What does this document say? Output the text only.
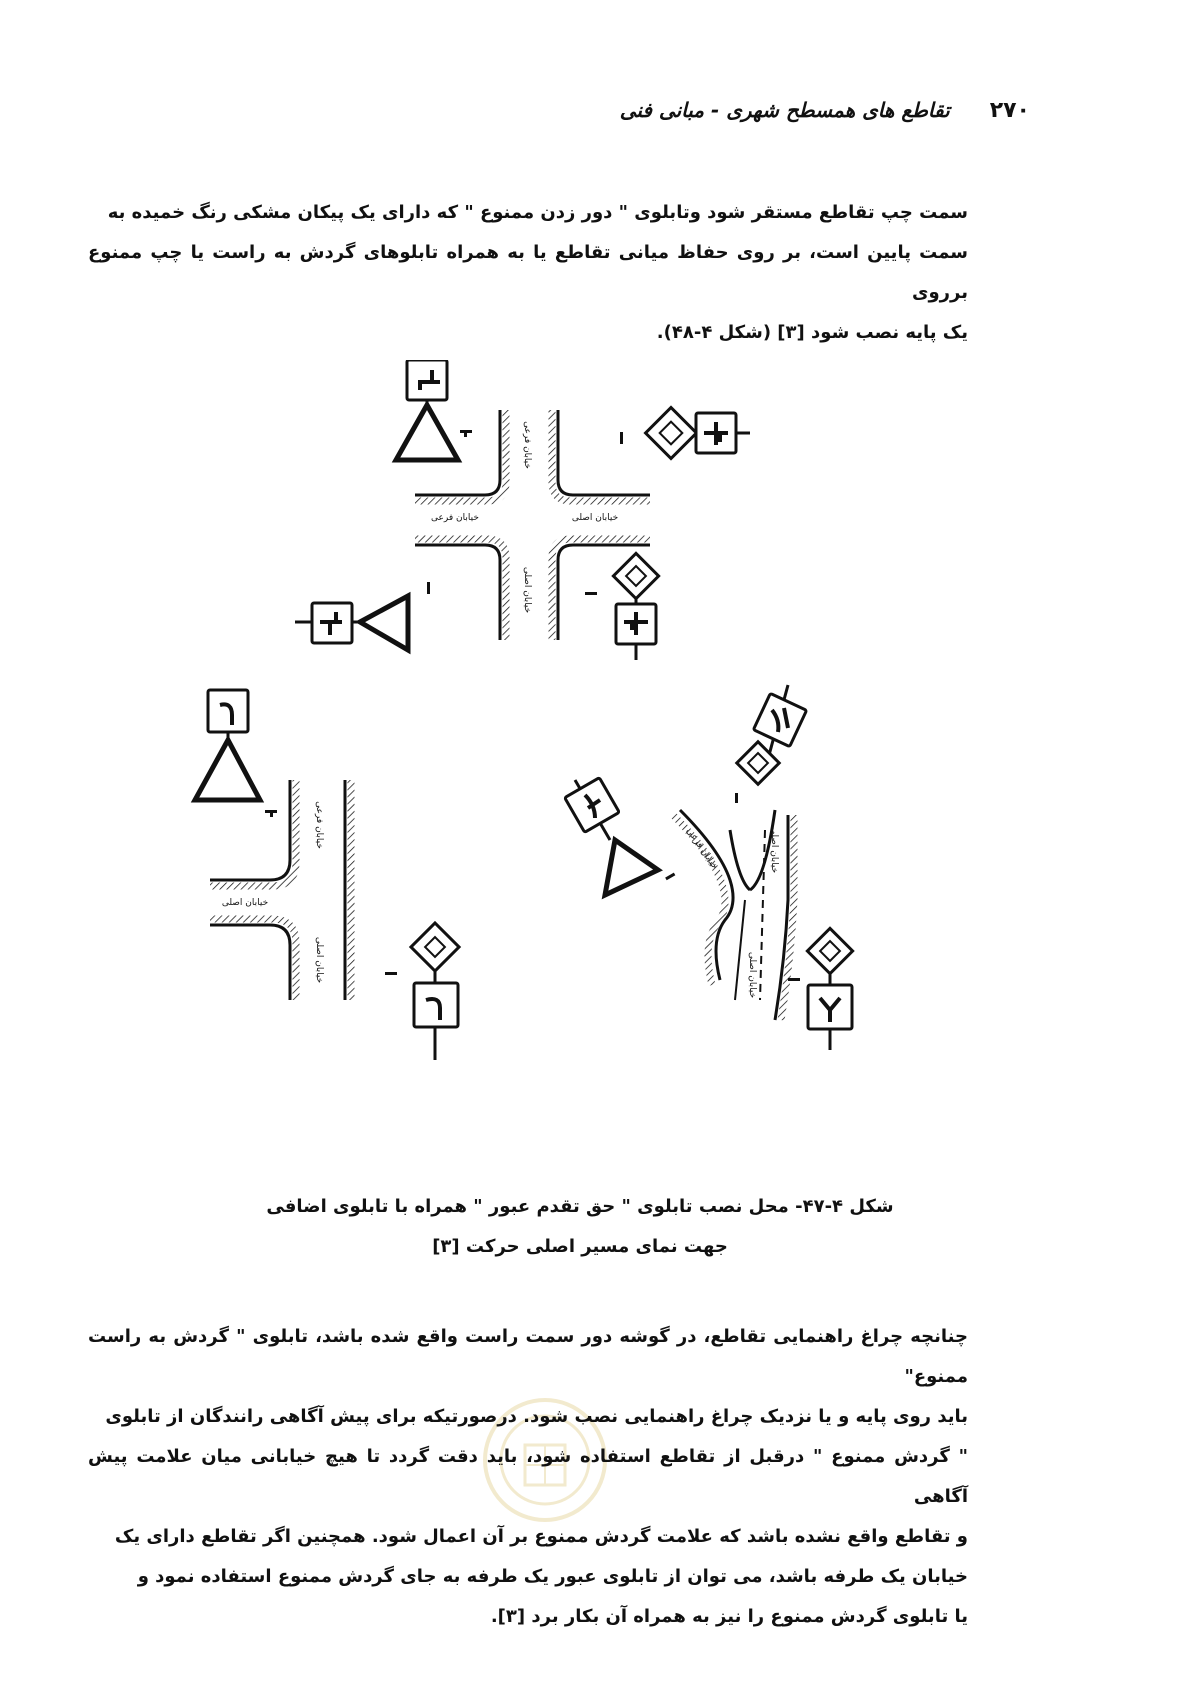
۲۷۰
تقاطع های همسطح شهری - مبانی فنی

سمت چپ تقاطع مستقر شود وتابلوی " دور زدن ممنوع " که دارای یک پیکان مشکی رنگ خمیده به

سمت پایین است، بر روی حفاظ میانی تقاطع یا به همراه تابلوهای گردش به راست یا چپ ممنوع برروی

یک پایه نصب شود [۳] (شکل ۴-۴۸).

خیابان فرعی	خیابان اصلی
خیابان فرعی
خیابان اصلی
خیابان اصلی
خیابان فرعی
خیابان اصلی
خیابان فرعی	خیابان اصلی
خیابان اصلی
شکل ۴-۴۷- محل نصب تابلوی " حق تقدم عبور " همراه با تابلوی اضافی
جهت نمای مسیر اصلی حرکت [۳]

چنانچه چراغ راهنمایی تقاطع، در گوشه دور سمت راست واقع شده باشد، تابلوی " گردش به راست ممنوع"

باید روی پایه و یا نزدیک چراغ راهنمایی نصب شود. درصورتیکه برای پیش آگاهی رانندگان از تابلوی

" گردش ممنوع " درقبل از تقاطع استفاده شود، باید دقت گردد تا هیچ خیابانی میان علامت پیش آگاهی

و تقاطع واقع نشده باشد که علامت گردش ممنوع بر آن اعمال شود. همچنین اگر تقاطع دارای یک

خیابان یک طرفه باشد، می توان از تابلوی عبور یک طرفه به جای گردش ممنوع استفاده نمود و

یا تابلوی گردش ممنوع را نیز به همراه آن بکار برد [۳].
